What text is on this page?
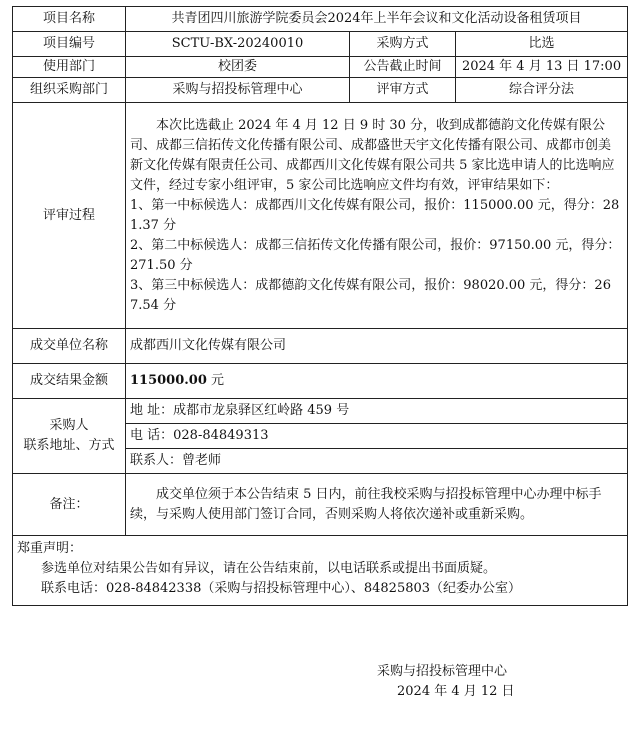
项目名称	共青团四川旅游学院委员会2024年上半年会议和文化活动设备租赁项目		
项目编号	SCTU-BX-20240010	采购方式	比选
使用部门	校团委	公告截止时间	2024 年 4 月 13 日 17:00
组织采购部门	采购与招投标管理中心	评审方式	综合评分法
评审过程	本次比选截止 2024 年 4 月 12 日 9 时 30 分，收到成都德韵文化传媒有限公司、成都三信拓传文化传播有限公司、成都盛世天宇文化传播有限公司、成都市创美新文化传媒有限责任公司、成都西川文化传媒有限公司共 5 家比选申请人的比选响应文件，经过专家小组评审，5 家公司比选响应文件均有效，评审结果如下：

1、第一中标候选人：成都西川文化传媒有限公司，报价：115000.00 元，得分：281.37 分
2、第二中标候选人：成都三信拓传文化传播有限公司，报价：97150.00 元，得分：271.50 分
3、第三中标候选人：成都德韵文化传媒有限公司，报价：98020.00 元，得分：267.54 分		

成交单位名称	成都西川文化传媒有限公司		
成交结果金额	115000.00 元		
采购人
联系地址、方式	地 址：成都市龙泉驿区红岭路 459 号		
	电 话：028-84849313		
	联系人：曾老师		
备注：	成交单位须于本公告结束 5 日内，前往我校采购与招投标管理中心办理中标手续，与采购人使用部门签订合同，否则采购人将依次递补或重新采购。		

郑重声明：
参选单位对结果公告如有异议，请在公告结束前，以电话联系或提出书面质疑。
联系电话：028-84842338（采购与招投标管理中心）、84825803（纪委办公室）			
采购与招投标管理中心
2024 年 4 月 12 日
